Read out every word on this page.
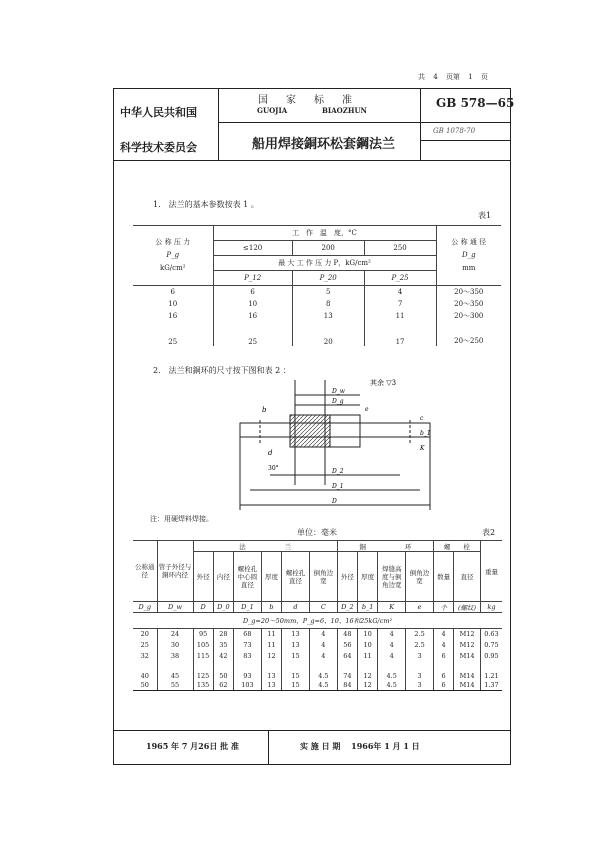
共 4 页第 1 页
中华人民共和国
科学技术委员会
国　家　标　准
GUOJIA	BIAOZHUN
GB 578—65
GB 1078-70
船用焊接銅环松套鋼法兰
1.　法兰的基本参数按表 1 。
表1
公 称 压 力
P_g
kG/cm²	工　作　温　度，°C			公 称 通 径
D_g
mm
	≤120	200	250	
	最 大 工 作 压 力 P，kG/cm²			
	P_12	P_20	P_25	
6	6	5	4	20～350
10	10	8	7	20～350
16	16	13	11	20～300
25	25	20	17	20～250
2.　法兰和銅环的尺寸按下图和表 2 ：
其余 ▽3
b
d
D_w
D_g
D_2
D_1
D
30°
c
b_1
K
e
注：用硬焊料焊接。
单位：毫米	表2
公称通径	管子外径与銅环内径	法　　　　　　兰						銅　　　　　　环				螺　　栓		重量
		外径	内径	螺栓孔中心圆直径	厚度	螺栓孔直径	倒角边宽	外径	厚度	焊缝高度与倒角边宽	倒角边宽	数量	直径	
D_g	D_w	D	D_0	D_1	b	d	C	D_2	b_1	K	e	个	(螺纹)	kg
D_g=20～50mm，P_g=6、10、16和25kG/cm²														
20	24	95	28	68	11	13	4	48	10	4	2.5	4	M12	0.63
25	30	105	35	73	11	13	4	56	10	4	2.5	4	M12	0.75
32	38	115	42	83	12	15	4	64	11	4	3	6	M14	0.95
40	45	125	50	93	13	15	4.5	74	12	4.5	3	6	M14	1.21
50	55	135	62	103	13	15	4.5	84	12	4.5	3	6	M14	1.37
1965 年 7 月26日 批 准	实 施 日 期　 1966年 1 月 1 日
